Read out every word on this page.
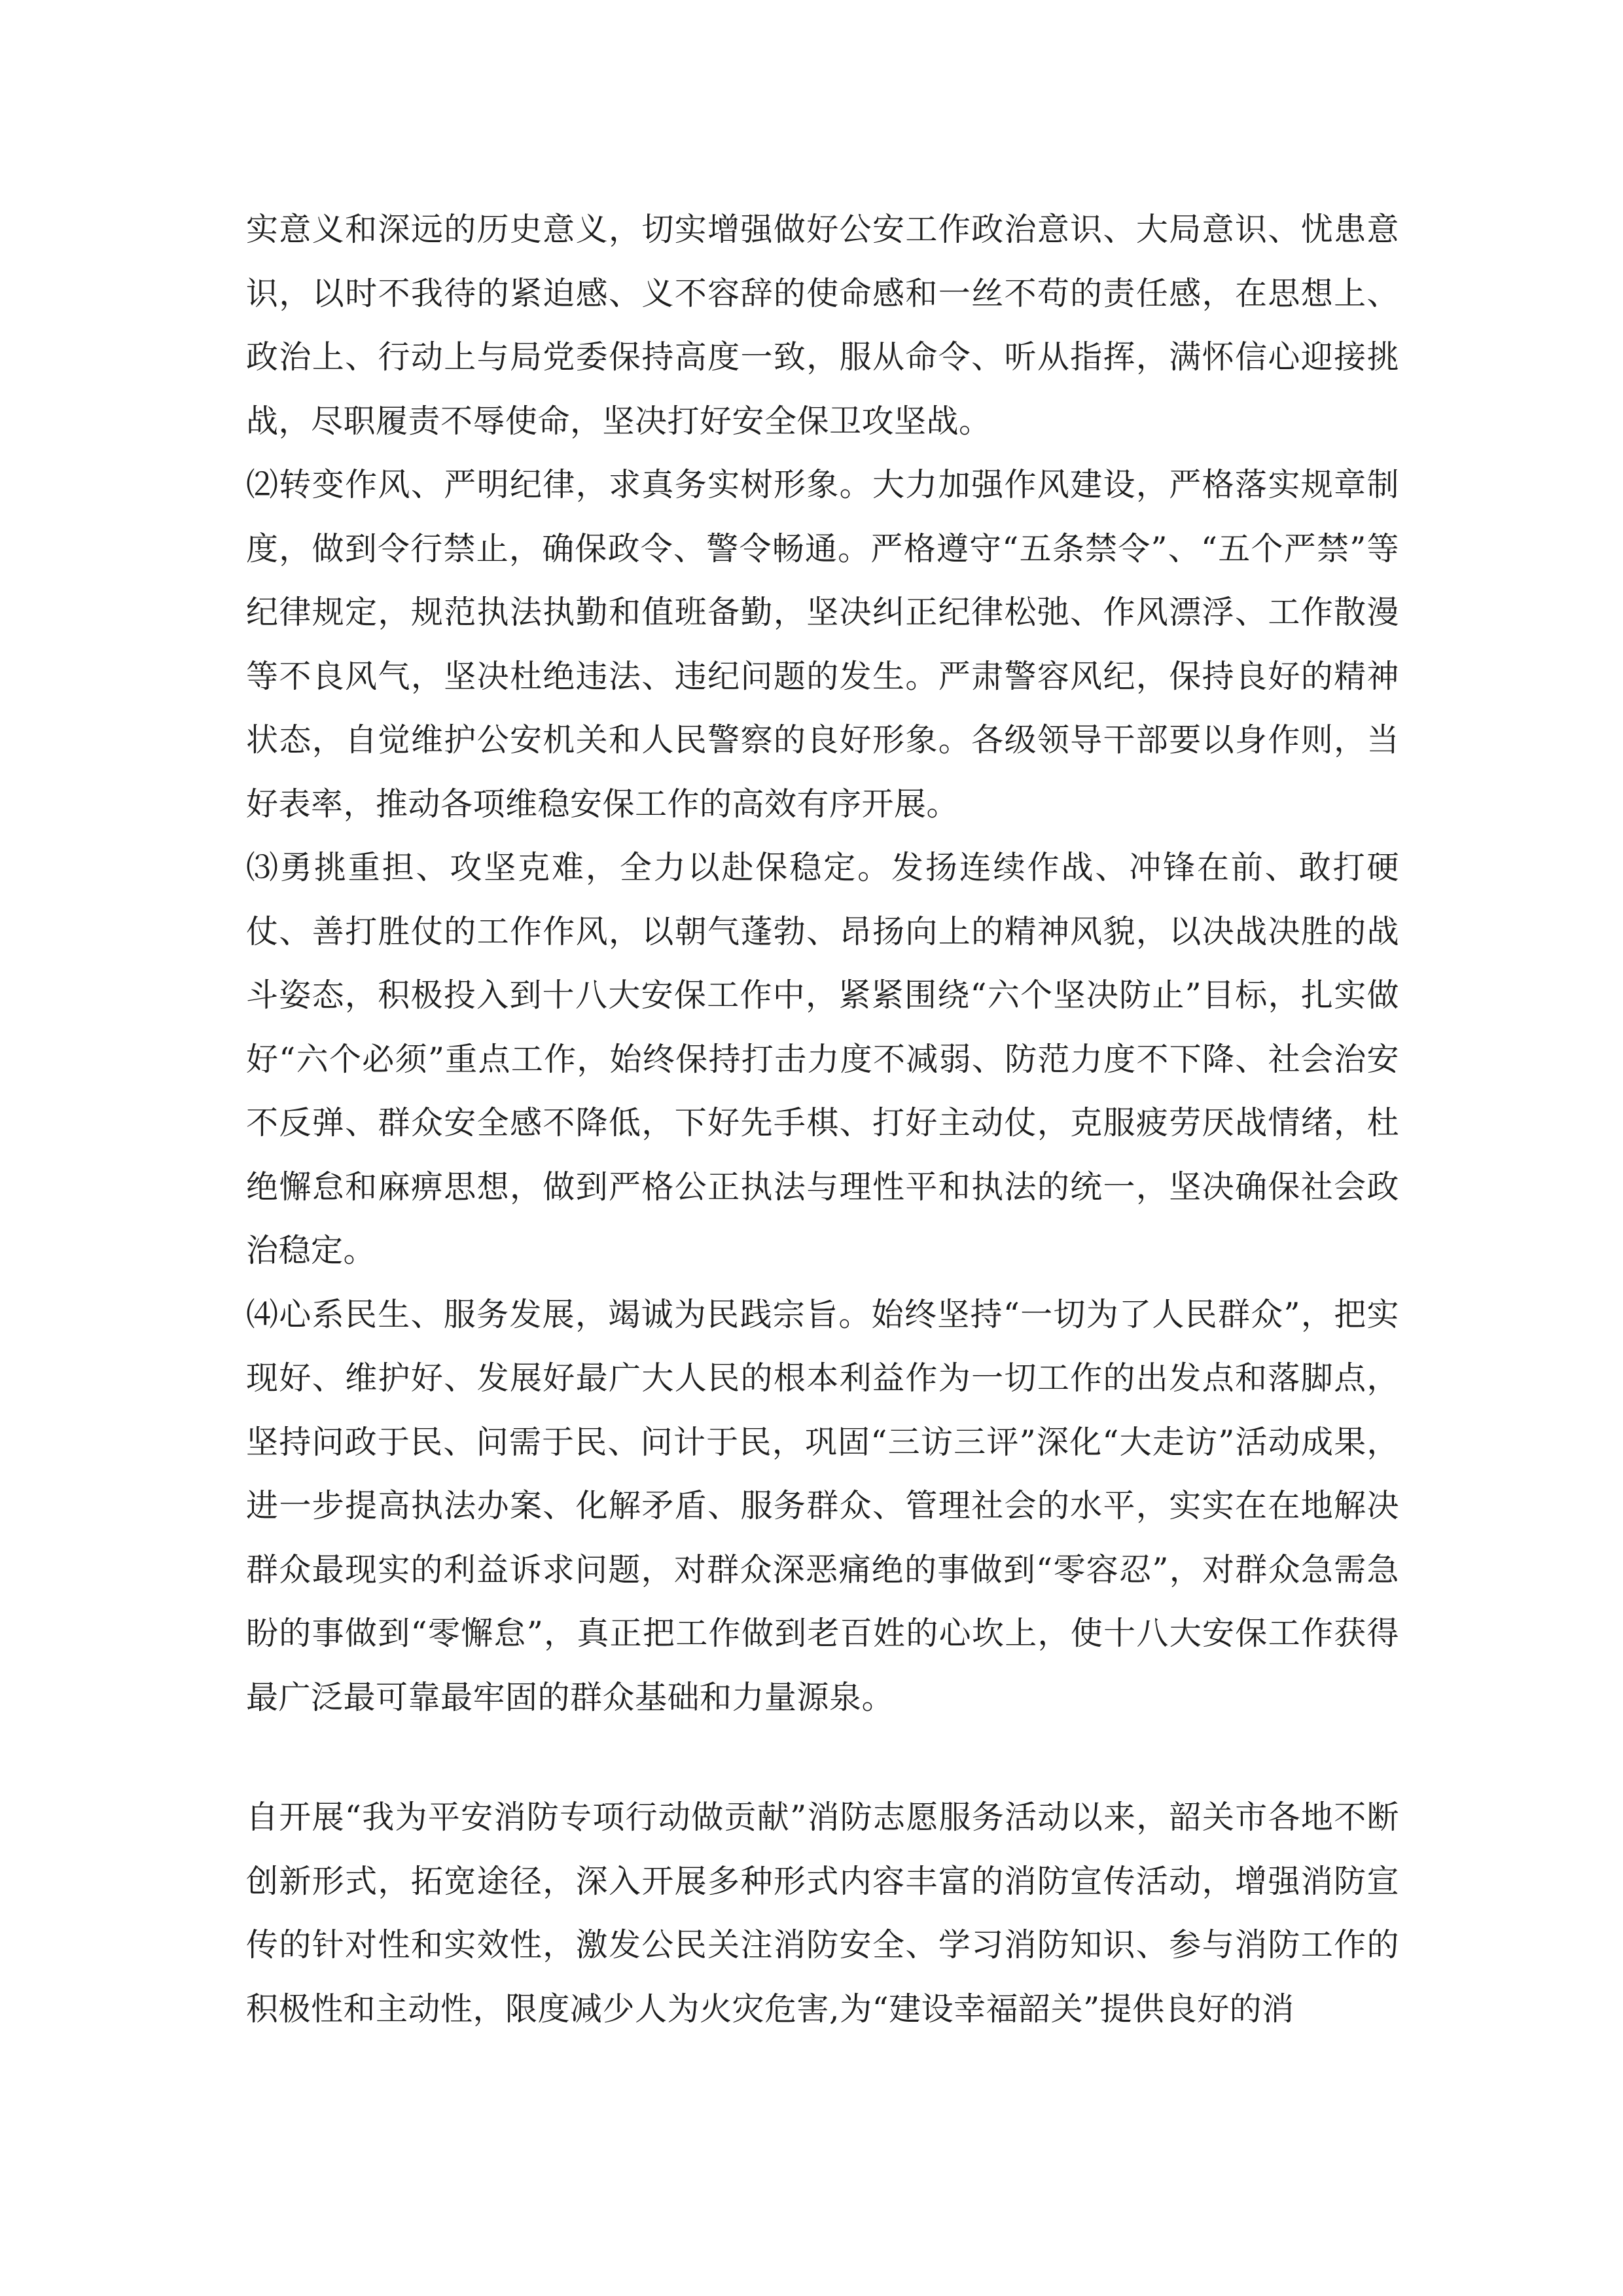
实意义和深远的历史意义，切实增强做好公安工作政治意识、大局意识、忧患意识，以时不我待的紧迫感、义不容辞的使命感和一丝不苟的责任感，在思想上、政治上、行动上与局党委保持高度一致，服从命令、听从指挥，满怀信心迎接挑战，尽职履责不辱使命，坚决打好安全保卫攻坚战。

⑵转变作风、严明纪律，求真务实树形象。大力加强作风建设，严格落实规章制度，做到令行禁止，确保政令、警令畅通。严格遵守“五条禁令”、“五个严禁”等纪律规定，规范执法执勤和值班备勤，坚决纠正纪律松弛、作风漂浮、工作散漫等不良风气，坚决杜绝违法、违纪问题的发生。严肃警容风纪，保持良好的精神状态，自觉维护公安机关和人民警察的良好形象。各级领导干部要以身作则，当好表率，推动各项维稳安保工作的高效有序开展。

⑶勇挑重担、攻坚克难，全力以赴保稳定。发扬连续作战、冲锋在前、敢打硬仗、善打胜仗的工作作风，以朝气蓬勃、昂扬向上的精神风貌，以决战决胜的战斗姿态，积极投入到十八大安保工作中，紧紧围绕“六个坚决防止”目标，扎实做好“六个必须”重点工作，始终保持打击力度不减弱、防范力度不下降、社会治安不反弹、群众安全感不降低，下好先手棋、打好主动仗，克服疲劳厌战情绪，杜绝懈怠和麻痹思想，做到严格公正执法与理性平和执法的统一，坚决确保社会政治稳定。

⑷心系民生、服务发展，竭诚为民践宗旨。始终坚持“一切为了人民群众”，把实现好、维护好、发展好最广大人民的根本利益作为一切工作的出发点和落脚点，坚持问政于民、问需于民、问计于民，巩固“三访三评”深化“大走访”活动成果，进一步提高执法办案、化解矛盾、服务群众、管理社会的水平，实实在在地解决群众最现实的利益诉求问题，对群众深恶痛绝的事做到“零容忍”，对群众急需急盼的事做到“零懈怠”，真正把工作做到老百姓的心坎上，使十八大安保工作获得最广泛最可靠最牢固的群众基础和力量源泉。

自开展“我为平安消防专项行动做贡献”消防志愿服务活动以来，韶关市各地不断创新形式，拓宽途径，深入开展多种形式内容丰富的消防宣传活动，增强消防宣传的针对性和实效性，激发公民关注消防安全、学习消防知识、参与消防工作的积极性和主动性，限度减少人为火灾危害,为“建设幸福韶关”提供良好的消
